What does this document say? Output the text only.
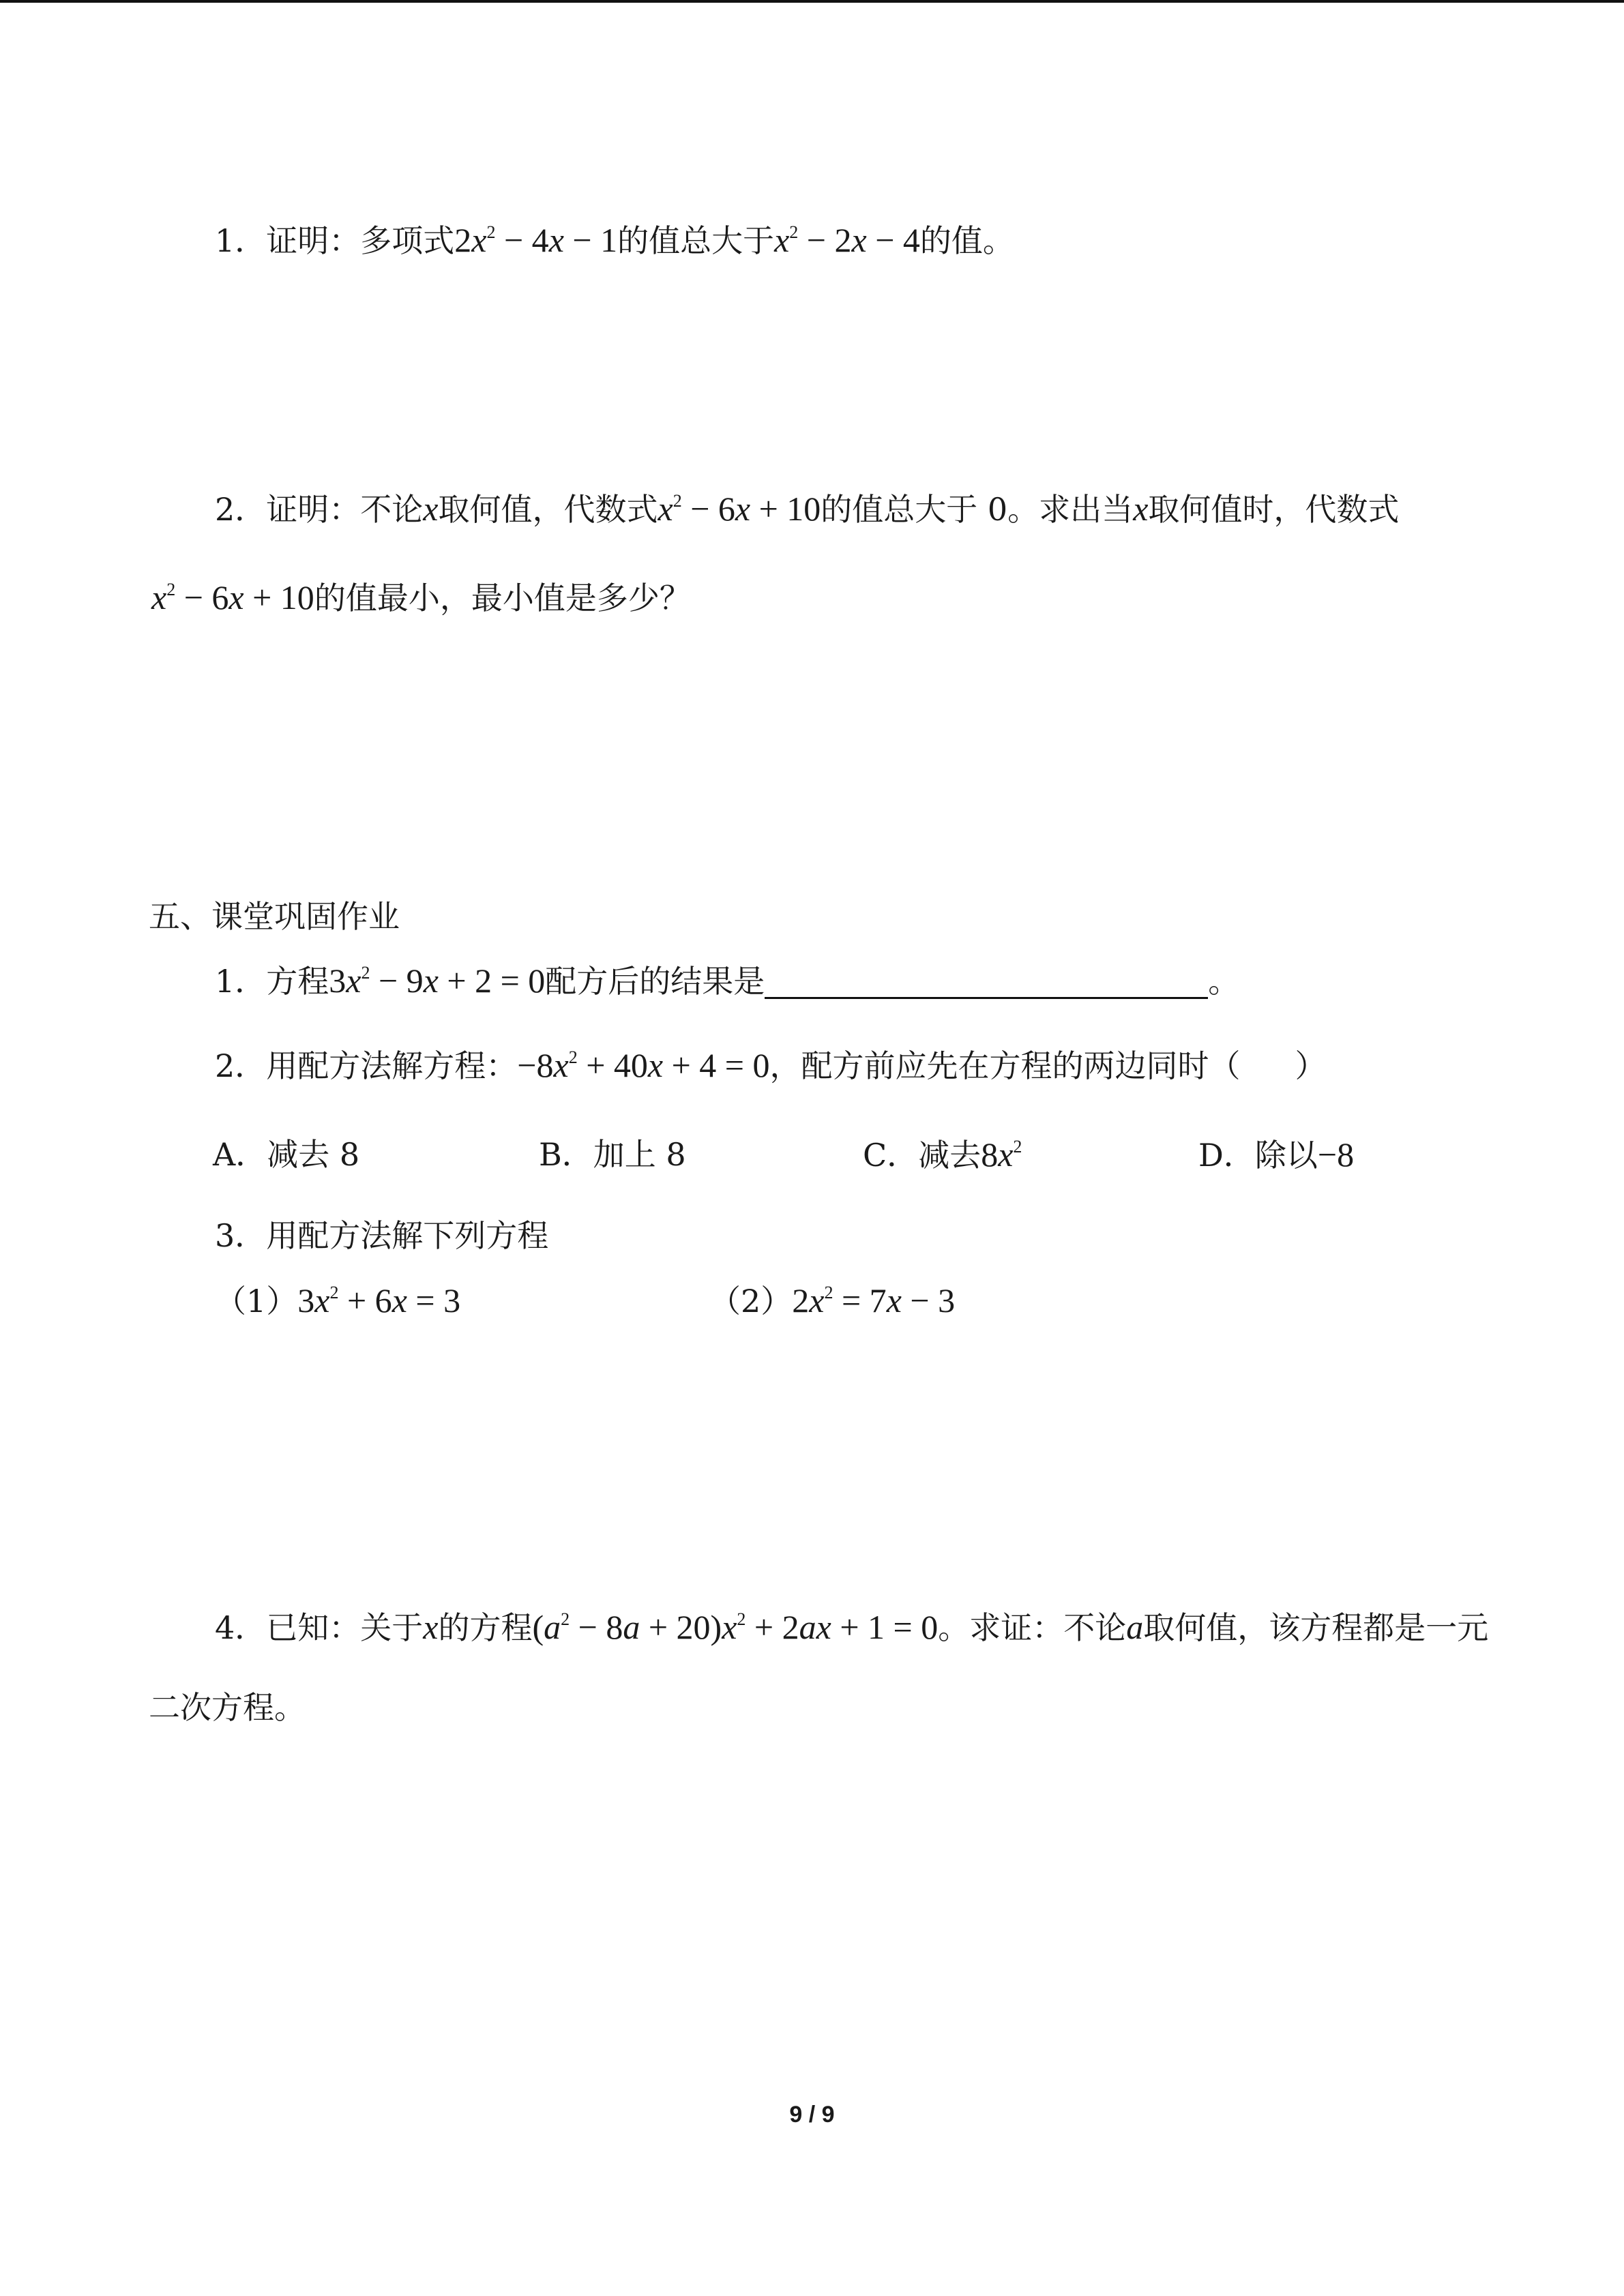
1．证明：多项式$2x^2 - 4x - 1$的值总大于$x^2 - 2x - 4$的值。
2．证明：不论x取何值，代数式$x^2 - 6x + 10$的值总大于 0。求出当x取何值时，代数式
$x^2 - 6x + 10$的值最小，最小值是多少？
五、课堂巩固作业
1．方程$3x^2 - 9x + 2 = 0$配方后的结果是	。
2．用配方法解方程：$-8x^2 + 40x + 4 = 0$，配方前应先在方程的两边同时（ ）
A．减去 8	B．加上 8	C．减去$8x^2$	D．除以−8
3．用配方法解下列方程
$(1)3x^2 + 6x = 3$	$(2)2x^2 = 7x - 3$
4．已知：关于x的方程$(a^2 - 8a + 20)x^2 + 2ax + 1 = 0$。求证：不论a取何值，该方程都是一元
二次方程。
9 / 9
